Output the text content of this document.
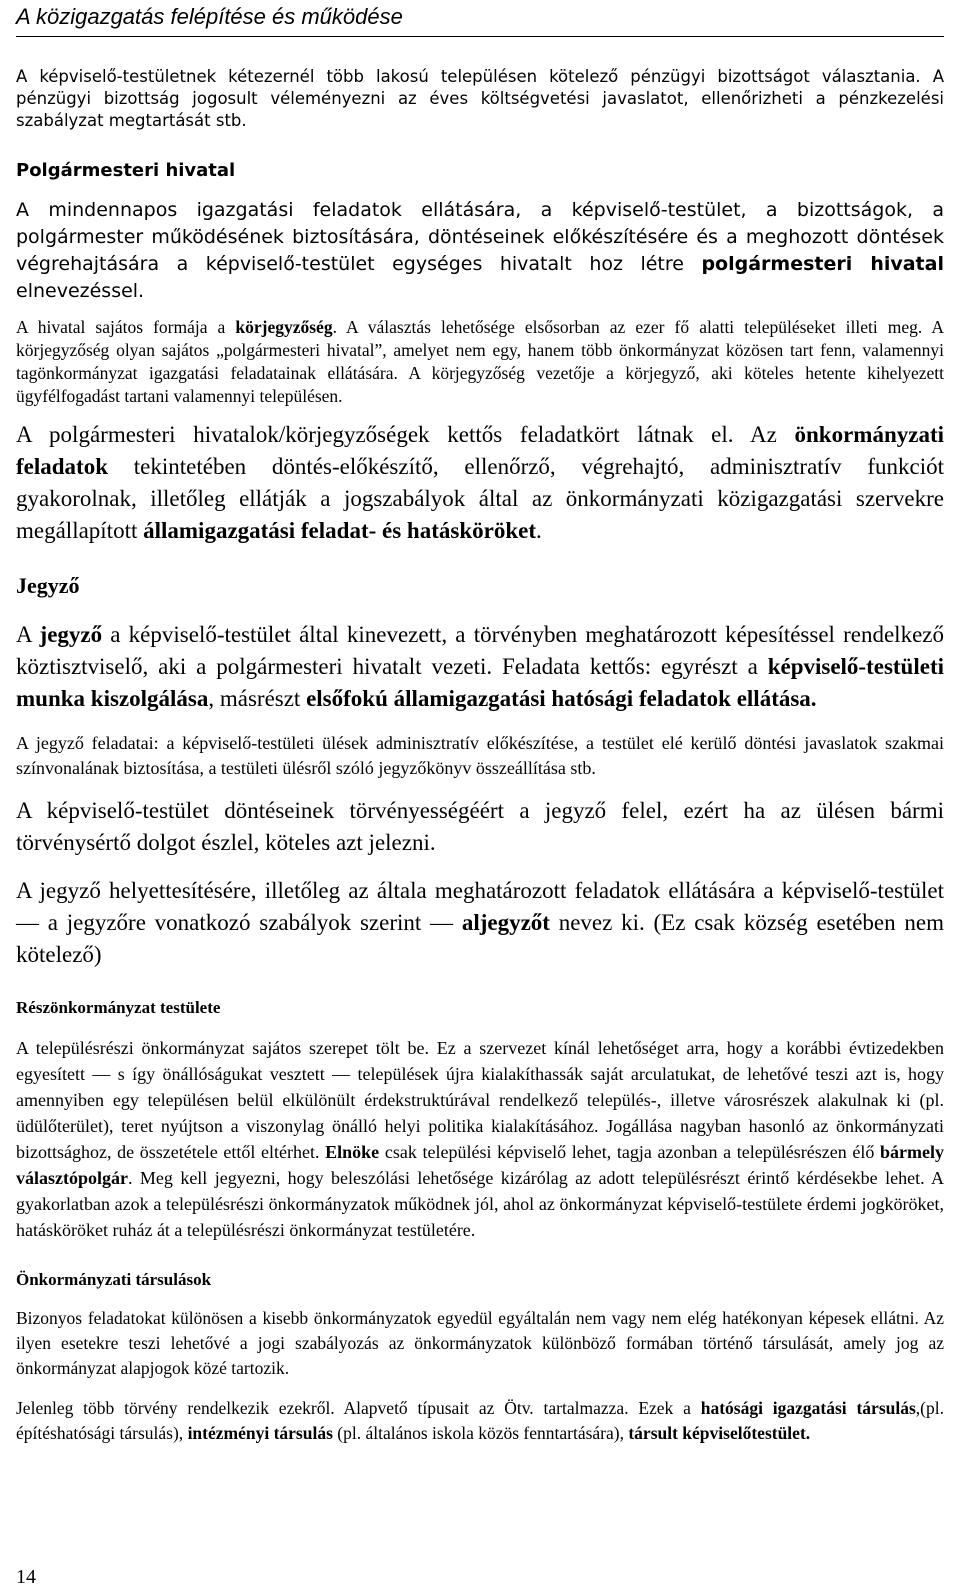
A közigazgatás felépítése és működése

A képviselő-testületnek kétezernél több lakosú településen kötelező pénzügyi bizottságot választania. A pénzügyi bizottság jogosult véleményezni az éves költségvetési javaslatot, ellenőrizheti a pénzkezelési szabályzat megtartását stb.

Polgármesteri hivatal

A mindennapos igazgatási feladatok ellátására, a képviselő-testület, a bizottságok, a polgármester működésének biztosítására, döntéseinek előkészítésére és a meghozott döntések végrehajtására a képviselő-testület egységes hivatalt hoz létre polgármesteri hivatal elnevezéssel.

A hivatal sajátos formája a körjegyzőség. A választás lehetősége elsősorban az ezer fő alatti településeket illeti meg. A körjegyzőség olyan sajátos „polgármesteri hivatal”, amelyet nem egy, hanem több önkormányzat közösen tart fenn, valamennyi tagönkormányzat igazgatási feladatainak ellátására. A körjegyzőség vezetője a körjegyző, aki köteles hetente kihelyezett ügyfélfogadást tartani valamennyi településen.

A polgármesteri hivatalok/körjegyzőségek kettős feladatkört látnak el. Az önkormányzati feladatok tekintetében döntés-előkészítő, ellenőrző, végrehajtó, adminisztratív funkciót gyakorolnak, illetőleg ellátják a jogszabályok által az önkormányzati közigazgatási szervekre megállapított államigazgatási feladat- és hatásköröket.

Jegyző

A jegyző a képviselő-testület által kinevezett, a törvényben meghatározott képesítéssel rendelkező köztisztviselő, aki a polgármesteri hivatalt vezeti. Feladata kettős: egyrészt a képviselő-testületi munka kiszolgálása, másrészt elsőfokú államigazgatási hatósági feladatok ellátása.

A jegyző feladatai: a képviselő-testületi ülések adminisztratív előkészítése, a testület elé kerülő döntési javaslatok szakmai színvonalának biztosítása, a testületi ülésről szóló jegyzőkönyv összeállítása stb.

A képviselő-testület döntéseinek törvényességéért a jegyző felel, ezért ha az ülésen bármi törvénysértő dolgot észlel, köteles azt jelezni.

A jegyző helyettesítésére, illetőleg az általa meghatározott feladatok ellátására a képviselő-testület — a jegyzőre vonatkozó szabályok szerint — aljegyzőt nevez ki. (Ez csak község esetében nem kötelező)

Részönkormányzat testülete

A településrészi önkormányzat sajátos szerepet tölt be. Ez a szervezet kínál lehetőséget arra, hogy a korábbi évtizedekben egyesített — s így önállóságukat vesztett — települések újra kialakíthassák saját arculatukat, de lehetővé teszi azt is, hogy amennyiben egy településen belül elkülönült érdekstruktúrával rendelkező település-, illetve városrészek alakulnak ki (pl. üdülőterület), teret nyújtson a viszonylag önálló helyi politika kialakításához. Jogállása nagyban hasonló az önkormányzati bizottsághoz, de összetétele ettől eltérhet. Elnöke csak települési képviselő lehet, tagja azonban a településrészen élő bármely választópolgár. Meg kell jegyezni, hogy beleszólási lehetősége kizárólag az adott településrészt érintő kérdésekbe lehet. A gyakorlatban azok a településrészi önkormányzatok működnek jól, ahol az önkormányzat képviselő-testülete érdemi jogköröket, hatásköröket ruház át a településrészi önkormányzat testületére.

Önkormányzati társulások

Bizonyos feladatokat különösen a kisebb önkormányzatok egyedül egyáltalán nem vagy nem elég hatékonyan képesek ellátni. Az ilyen esetekre teszi lehetővé a jogi szabályozás az önkormányzatok különböző formában történő társulását, amely jog az önkormányzat alapjogok közé tartozik.

Jelenleg több törvény rendelkezik ezekről. Alapvető típusait az Ötv. tartalmazza. Ezek a hatósági igazgatási társulás,(pl. építéshatósági társulás), intézményi társulás (pl. általános iskola közös fenntartására), társult képviselőtestület.

14
